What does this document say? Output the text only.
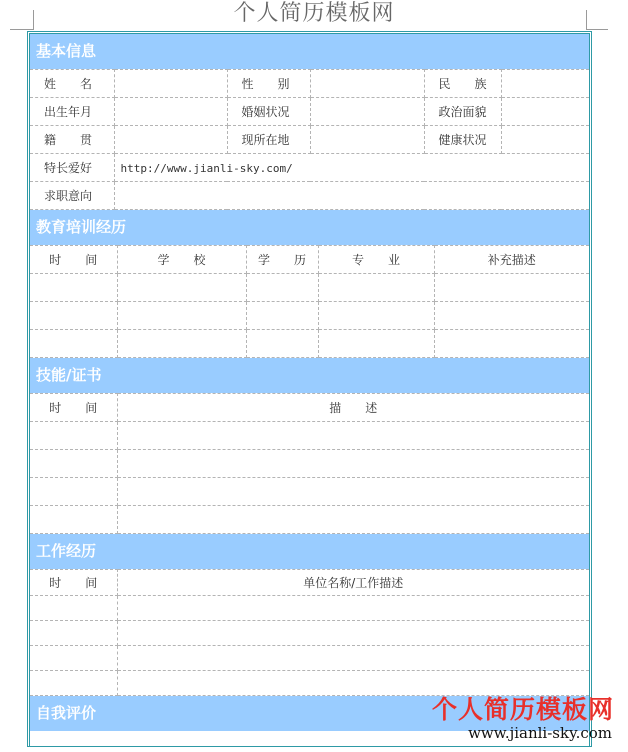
个人简历模板网
基本信息
姓　　名		性　　别		民　　族	
出生年月		婚姻状况		政治面貌	
籍　　贯		现所在地		健康状况	
特长爱好	http://www.jianli-sky.com/				
求职意向					
教育培训经历
时　　间	学　　校	学　　历	专　　业	补充描述

技能/证书
时　　间	描　　述

工作经历
时　　间	单位名称/工作描述

自我评价	个人简历模板网
www.jianli-sky.com
